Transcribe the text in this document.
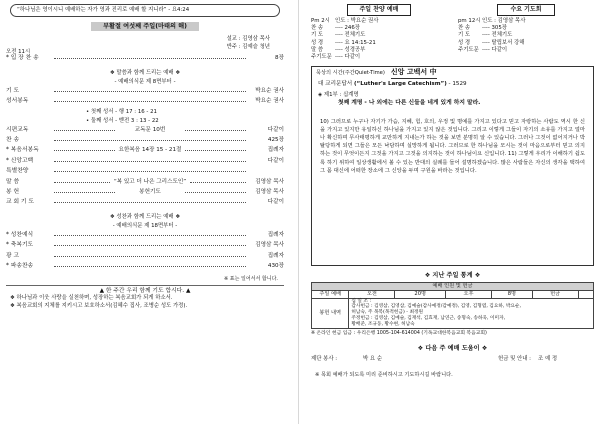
“하나님은 영이시니 예배하는 자가 영과 진리로 예배 할 지니라” - 요4:24
부활절 여섯째 주일(마태의 해)
설교 : 김영삼 목사
반주 : 김예슬 청년
오전 11시
* 입 장 찬 송	8장
❖ 말씀과 함께 드리는 예배 ❖
- 예배의식문 제 8면부터 -
기 도	박요순 권사
성서봉독	박요순 권사
• 첫째 성서 - 행 17 : 16 - 21
• 둘째 성서 - 벧전 3 : 13 - 22
시편교독	교독문 10번	다같이
찬 송	425장
* 복음서봉독	요한복음 14장 15 - 21절	집례자
* 신앙고백	다같이
특별찬양
말 씀	“복 있고 더 나은 그리스도인”	김영삼 목사
봉 헌	봉헌기도	김영삼 목사
교 회 기 도	다같이
❖ 성찬과 함께 드리는 예배 ❖
- 예배의식문 제 18면부터 -
* 성찬예식	집례자
* 축복기도	김영삼 목사
광 고	집례자
* 파송찬송	430장
※ 표는 일어서서 합니다.
▲ 한 주간 우리 함께 기도 합시다. ▲
❖ 하나님과 이웃 사랑을 실천하며, 성장하는 복음교회가 되게 하소서.
❖ 복음교회의 지체를 지키시고 보호하소서(김혜수 집사, 조병순 성도 가정).
주일 찬양 예배
Pm 2시 인도 : 박요순 권사
찬 송	---- 246장
기 도	---- 전체기도
성 경	---- 요 14:15-21
말 씀	---- 성경공부
주기도문 ---- 다같이
수요 기도회
pm 12시 인도 : 김영삼 목사
찬 송	---- 305장
기 도	---- 전체기도
성 경	---- 탈립보서 강해
주기도문 ---- 다같이
묵상의 시간(주간Quiet-Time) 신앙 고백서 中
대 교리문답서 (“Luther's Large Catechism”) - 1529
◈ 제1부 : 십계명
첫째 계명 - 나 외에는 다른 신들을 네게 있게 하지 말라.
10) 그러므로 누구나 자기가 가슴, 지혜, 힘, 호의, 우정 및 명예를 가지고 있다고 믿고 자랑하는 사람도 역시 한 신을 가지고 있지만 유일하신 하나님을 가지고 있지 않은 것입니다. 그리고 이렇게 그들이 자기의 소유를 가지고 얼마나 확신하며 무사태평하게 교만하게 지내는가 하는 것을 보면 분명히 알 수 있습니다. 그러나 그것이 없어지거나 박탈당하게 되면 그들은 모든 낙담하며 실망하게 됩니다. 그러므로 한 하나님을 모시는 것이 마음으로부터 믿고 의지하는 것이 무엇이든지 그것을 가지고 그것을 의지하는 것이 하나님이요 신입니다. 11) 그렇게 우리가 이해하기 쉽도록 하기 위하여 일상생활에서 볼 수 있는 반대의 실례를 들어 설명하겠습니다. 많은 사람들은 자신의 생각을 택하여 그 몸 대신에 어떠한 장소에 그 신앙을 두며 구원을 바라는 것입니다.
❖ 지난 주일 통계 ❖
예배 인원 및 헌금						
주일 예배	오전	20명	오후	8명	헌금	
봉헌 내역	십 일 조 :
감사헌금 : 김영삼, 김영삼, 김예슬(감사예정/감예정), 김영, 김형엽, 김요하, 박요순,
허남숙, 주 목복(목적헌금) - 최정원
주정헌금 : 김영삼, 김예슬, 김재석, 김효재, 남연근, 송형숙, 송하욱, 이미자,
황배준, 조규동, 황수현, 허남숙					
※ 온라인 헌금 입금 : 우리은행 1005-104-614004 (기독교대한복음교회 복음교회)
❖ 다음 주 예배 도움이 ❖
제단 봉사 :	박 요 순	헌금 및 안내 :	조 예 정
※ 목회 예배가 되도록 미리 준비하시고 기도하시길 바랍니다.
